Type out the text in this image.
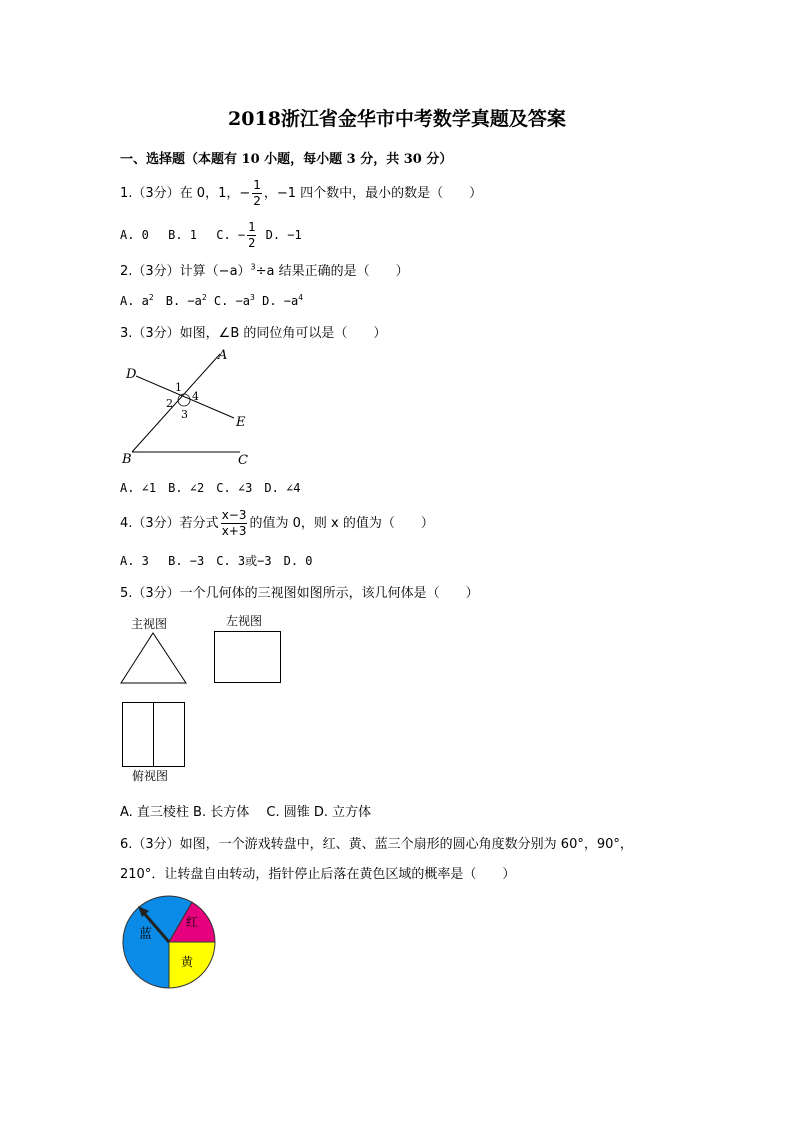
2018浙江省金华市中考数学真题及答案
一、选择题（本题有 10 小题，每小题 3 分，共 30 分）
1.（3分）在 0，1，− $\frac{1}{2}$ ，−1 四个数中，最小的数是（　　）
A. 0　 B. 1　 C. − $\frac{1}{2} D$. −1
2.（3分）计算$(-a)^3\div a$ 结果正确的是（　　）
A. $a^2$　B. $-a^2$ C. $-a^3$ D. $-a^4$
3.（3分）如图，∠B 的同位角可以是（　　）
A
B	C
D
E
1
2
3
4
A. ∠1　B. ∠2　C. ∠3　D. ∠4
4.（3分）若分式 $\frac{x-3}{x+3}$ 的值为 0，则 x 的值为（　　）
A. 3　 B. −3　C. 3或−3　D. 0
5.（3分）一个几何体的三视图如图所示，该几何体是（　　）
主视图	左视图
俯视图
A. 直三棱柱 B. 长方体　 C. 圆锥 D. 立方体
6.（3分）如图，一个游戏转盘中，红、黄、蓝三个扇形的圆心角度数分别为 60°，90°，
210°．让转盘自由转动，指针停止后落在黄色区域的概率是（　　）
蓝
红
黄
